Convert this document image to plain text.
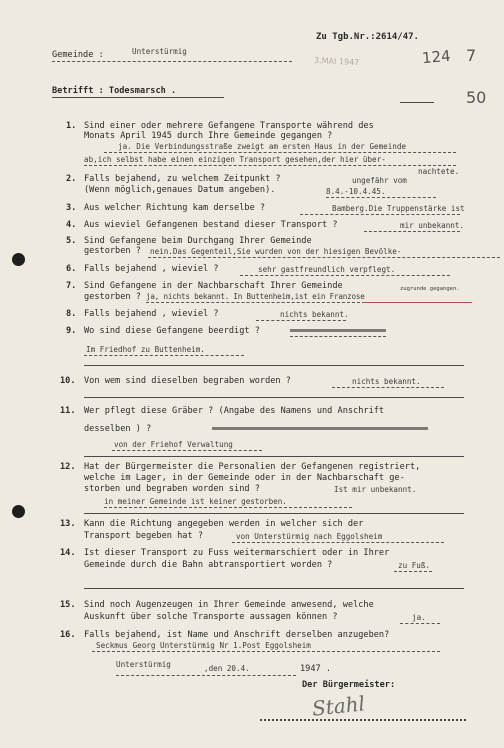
Zu Tgb.Nr.:2614/47.
Gemeinde :	Unterstürmig
3.MAI 1947	124 7
50
Betrifft : Todesmarsch .
1. Sind einer oder mehrere Gefangene Transporte während des
Monats April 1945 durch Ihre Gemeinde gegangen ?
ja. Die Verbindungsstraße zweigt am ersten Haus in der Gemeinde
ab,ich selbst habe einen einzigen Transport gesehen,der hier über-
2. Falls bejahend, zu welchem Zeitpunkt ?
(Wenn möglich,genaues Datum angeben).
nachtete.
ungefähr vom
8.4.-10.4.45.
3. Aus welcher Richtung kam derselbe ?	Bamberg.Die Truppenstärke ist
4. Aus wieviel Gefangenen bestand dieser Transport ?	mir unbekannt.
5. Sind Gefangene beim Durchgang Ihrer Gemeinde
gestorben ? nein.Das Gegenteil,Sie wurden von der hiesigen Bevölke-
6. Falls bejahend , wieviel ?	sehr gastfreundlich verpflegt.
7. Sind Gefangene in der Nachbarschaft Ihrer Gemeinde
gestorben ? ja, nichts bekannt. In Buttenheim,ist ein Franzose
zugrunde gegangen.
8. Falls bejahend , wieviel ?	nichts bekannt.
9. Wo sind diese Gefangene beerdigt ?
Im Friedhof zu Buttenheim.
10. Von wem sind dieselben begraben worden ?	nichts bekannt.
11. Wer pflegt diese Gräber ? (Angabe des Namens und Anschrift
desselben ) ?
von der Friehof Verwaltung
12. Hat der Bürgermeister die Personalien der Gefangenen registriert,
welche im Lager, in der Gemeinde oder in der Nachbarschaft ge-
storben und begraben worden sind ?	Ist mir unbekannt.
in meiner Gemeinde ist keiner gestorben.
13. Kann die Richtung angegeben werden in welcher sich der
Transport begeben hat ?	von Unterstürmig nach Eggolsheim
14. Ist dieser Transport zu Fuss weitermarschiert oder in Ihrer
Gemeinde durch die Bahn abtransportiert worden ?	zu Fuß.
15. Sind noch Augenzeugen in Ihrer Gemeinde anwesend, welche
Auskunft über solche Transporte aussagen können ?	ja.
16. Falls bejahend, ist Name und Anschrift derselben anzugeben?
Seckmus Georg Unterstürmig Nr 1.Post Eggolsheim
Unterstürmig	,den 20.4.	1947 .
Der Bürgermeister:
Stahl
